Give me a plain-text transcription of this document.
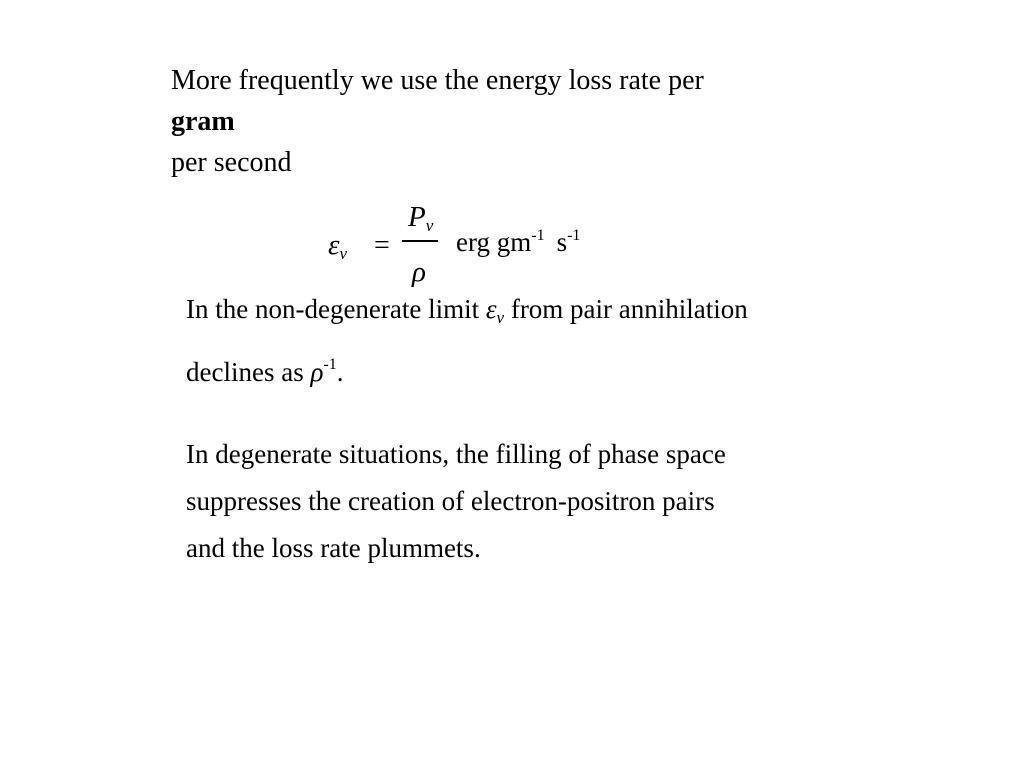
More frequently we use the energy loss rate per
gram
per second
εν =
Pν
ρ
erg $gm^{-1}$ $s^{-1}$
In the non-degenerate limit εν from pair annihilation
declines as $\rho^{-1}$.
In degenerate situations, the filling of phase space
suppresses the creation of electron-positron pairs
and the loss rate plummets.
